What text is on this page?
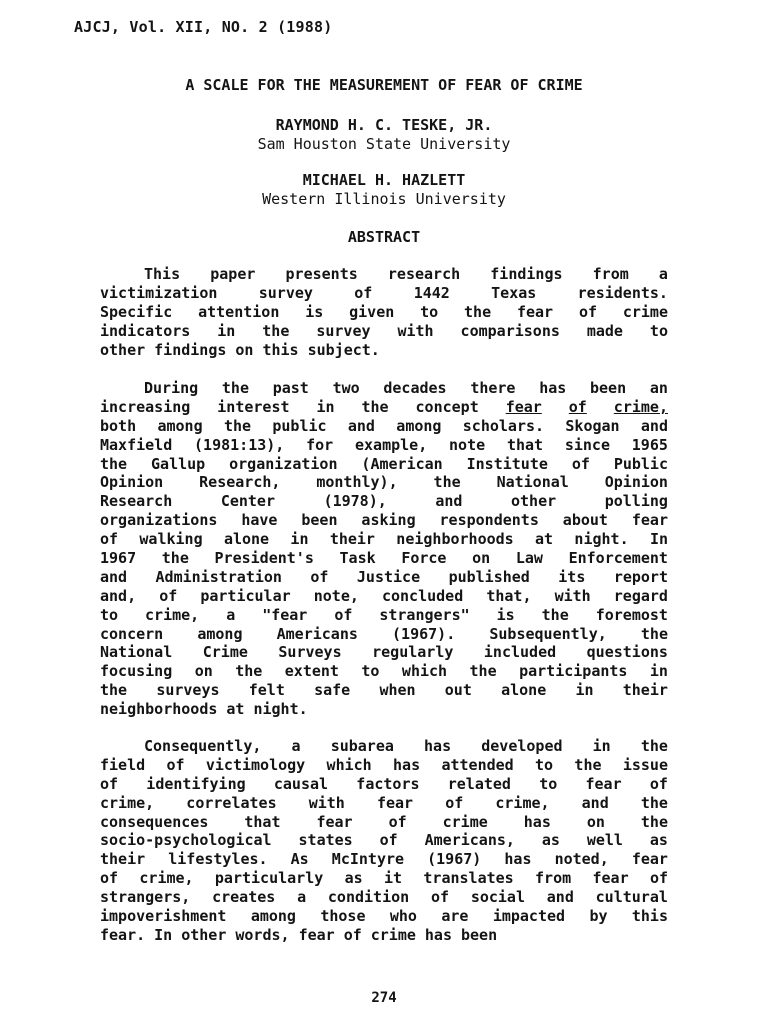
AJCJ, Vol. XII, NO. 2 (1988)
A SCALE FOR THE MEASUREMENT OF FEAR OF CRIME
RAYMOND H. C. TESKE, JR.
Sam Houston State University
MICHAEL H. HAZLETT
Western Illinois University
ABSTRACT
This paper presents research findings from a
victimization	survey	of	1442	Texas	residents.
Specific attention is given to the fear of crime
indicators in the survey with comparisons made to
other findings on this subject.
During the past two decades there has been an
increasing interest in the concept fear of crime,
both among the public and among scholars. Skogan and
Maxfield (1981:13), for example, note that since 1965
the Gallup organization (American Institute of Public
Opinion Research, monthly), the National Opinion
Research	Center	(1978),	and	other	polling
organizations have been asking respondents about fear
of walking alone in their neighborhoods at night. In
1967 the President's Task Force on Law Enforcement
and Administration of Justice published its report
and, of particular note, concluded that, with regard
to crime, a "fear of strangers" is the foremost
concern among Americans (1967). Subsequently, the
National Crime Surveys regularly included questions
focusing on the extent to which the participants in
the surveys felt safe when out alone in their
neighborhoods at night.
Consequently, a subarea has developed in the
field of victimology which has attended to the issue
of identifying causal factors related to fear of
crime, correlates with fear of crime, and the
consequences that fear of crime has on the
socio-psychological states of Americans, as well as
their lifestyles. As McIntyre (1967) has noted, fear
of crime, particularly as it translates from fear of
strangers, creates a condition of social and cultural
impoverishment among those who are impacted by this
fear. In other words, fear of crime has been
274
